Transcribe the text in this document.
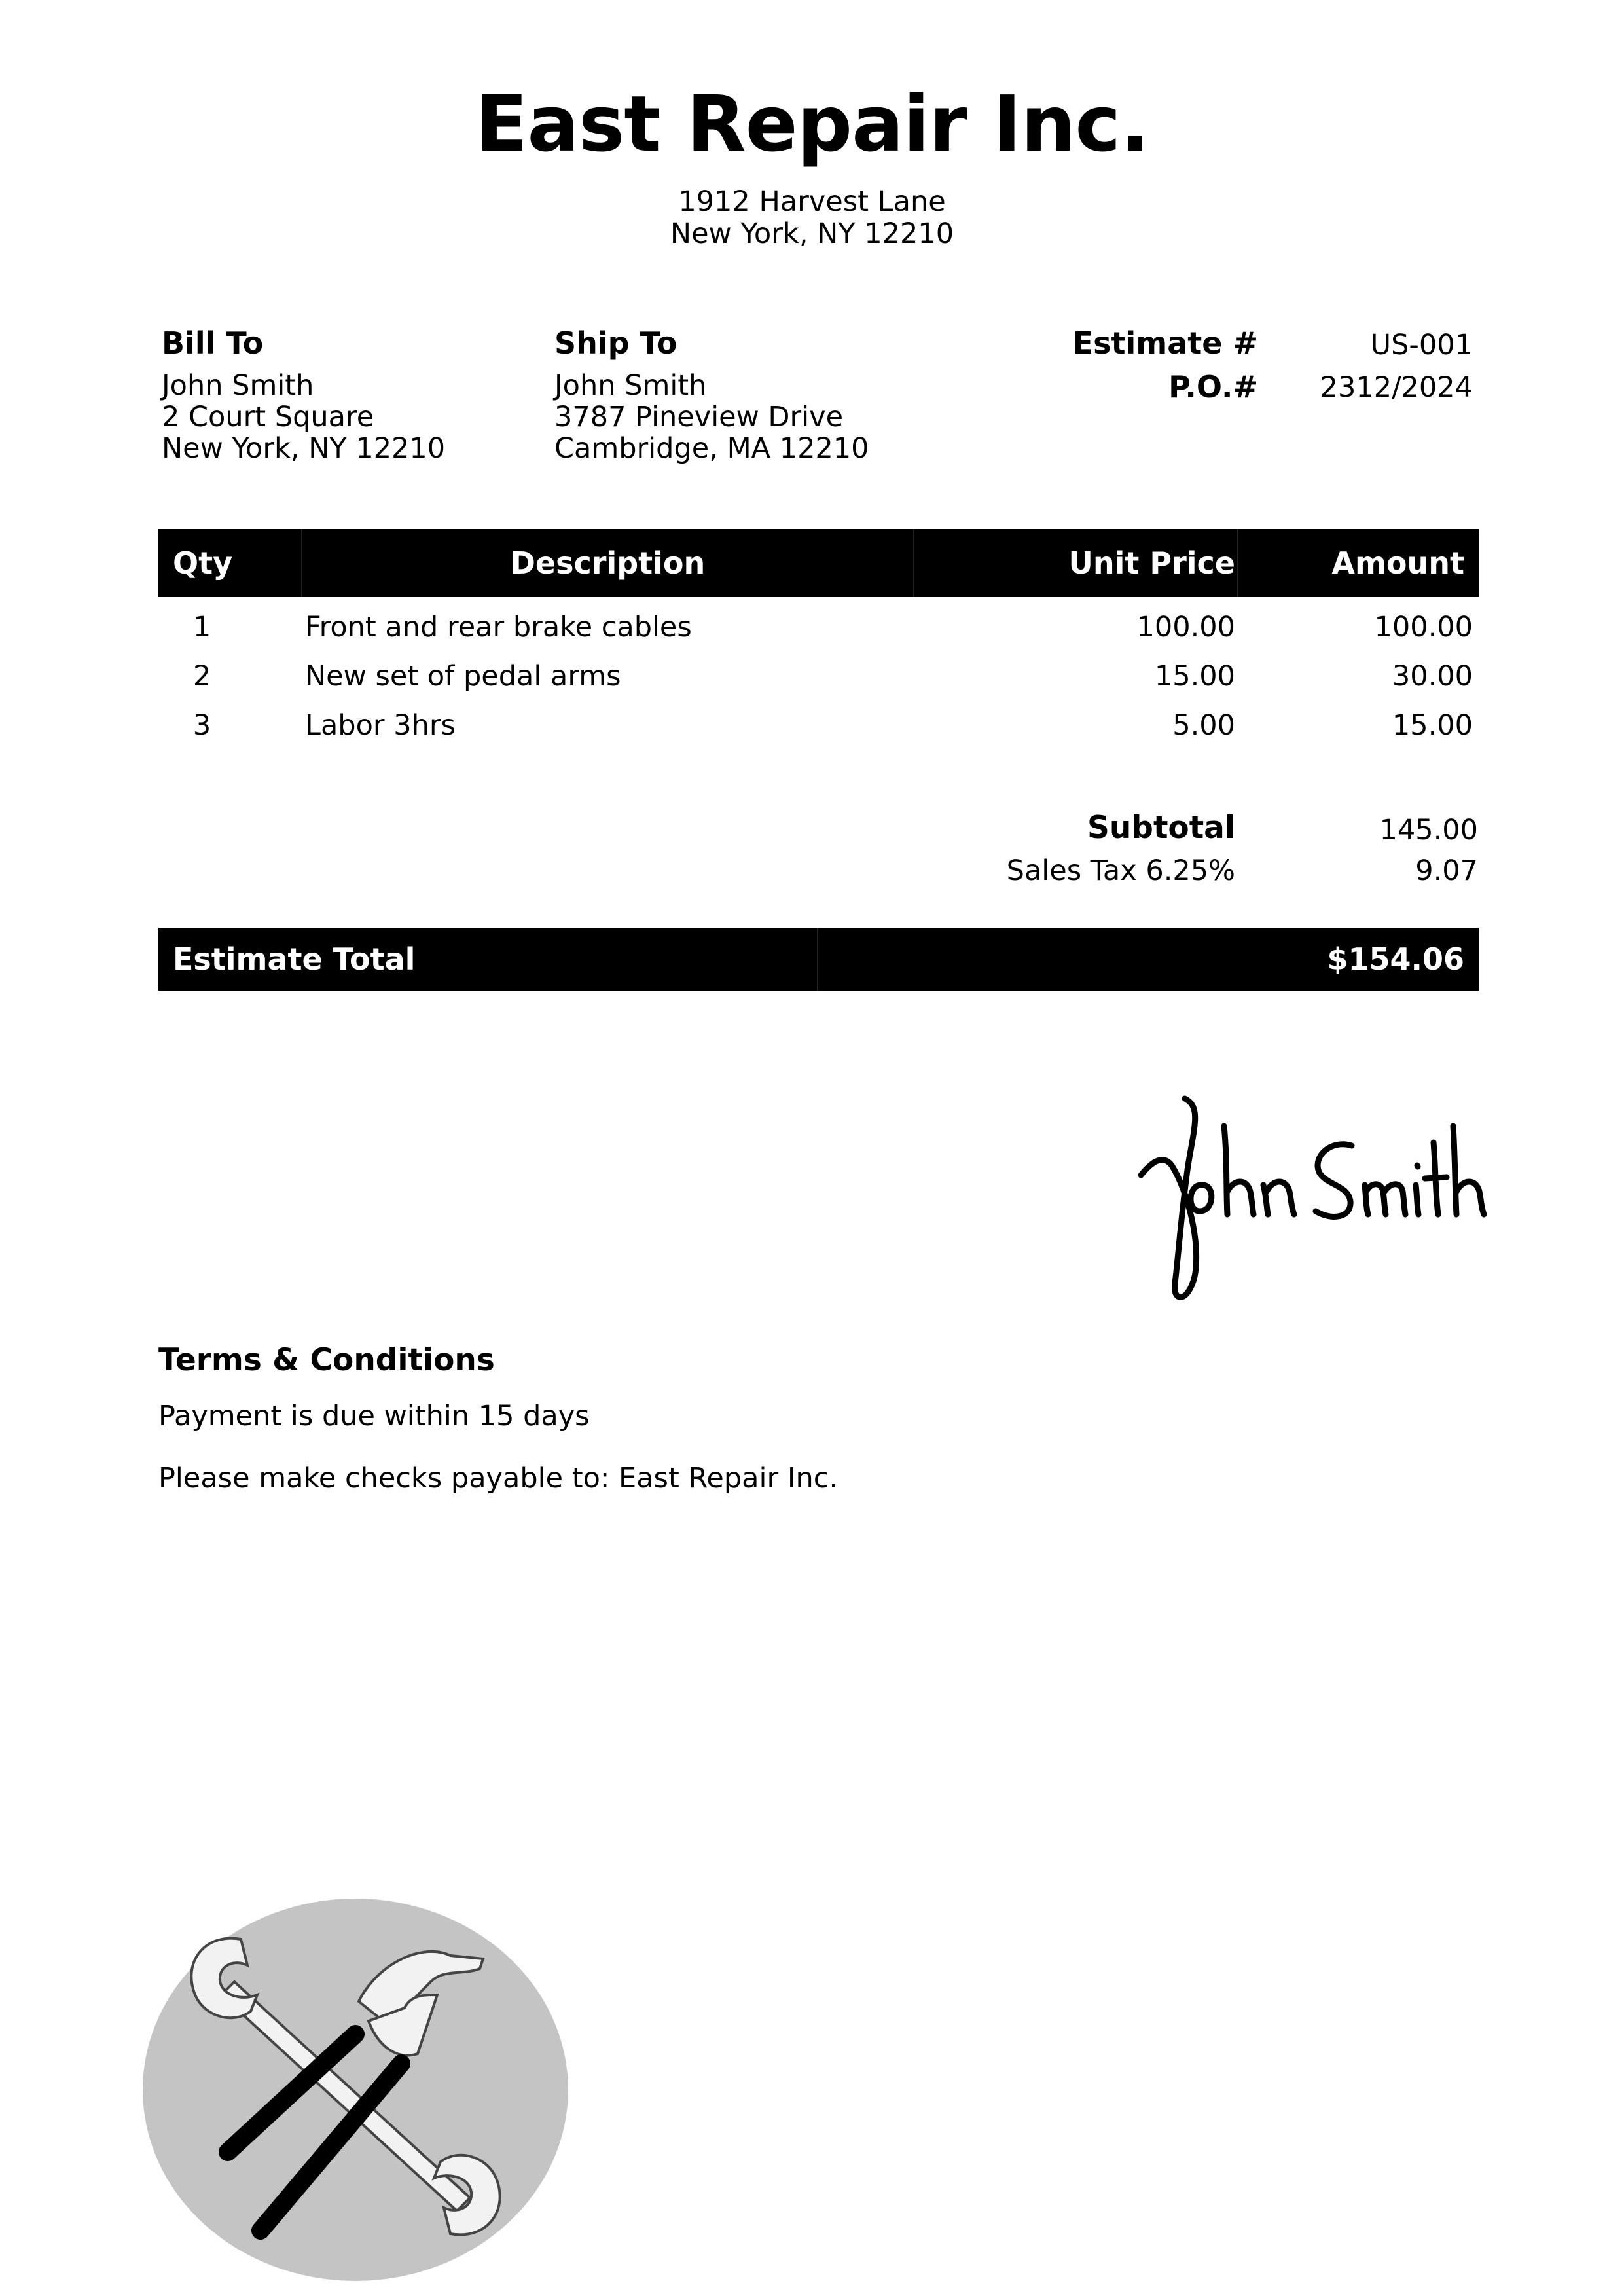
East Repair Inc.
1912 Harvest Lane
New York, NY 12210
Bill To
John Smith
2 Court Square
New York, NY 12210
Ship To
John Smith
3787 Pineview Drive
Cambridge, MA 12210
Estimate #	US-001
P.O.#	2312/2024
Qty	Description	Unit Price	Amount
1	Front and rear brake cables	100.00	100.00
2	New set of pedal arms	15.00	30.00
3	Labor 3hrs	5.00	15.00
Subtotal	145.00
Sales Tax 6.25%	9.07
Estimate Total	$154.06
Terms & Conditions
Payment is due within 15 days
Please make checks payable to: East Repair Inc.
